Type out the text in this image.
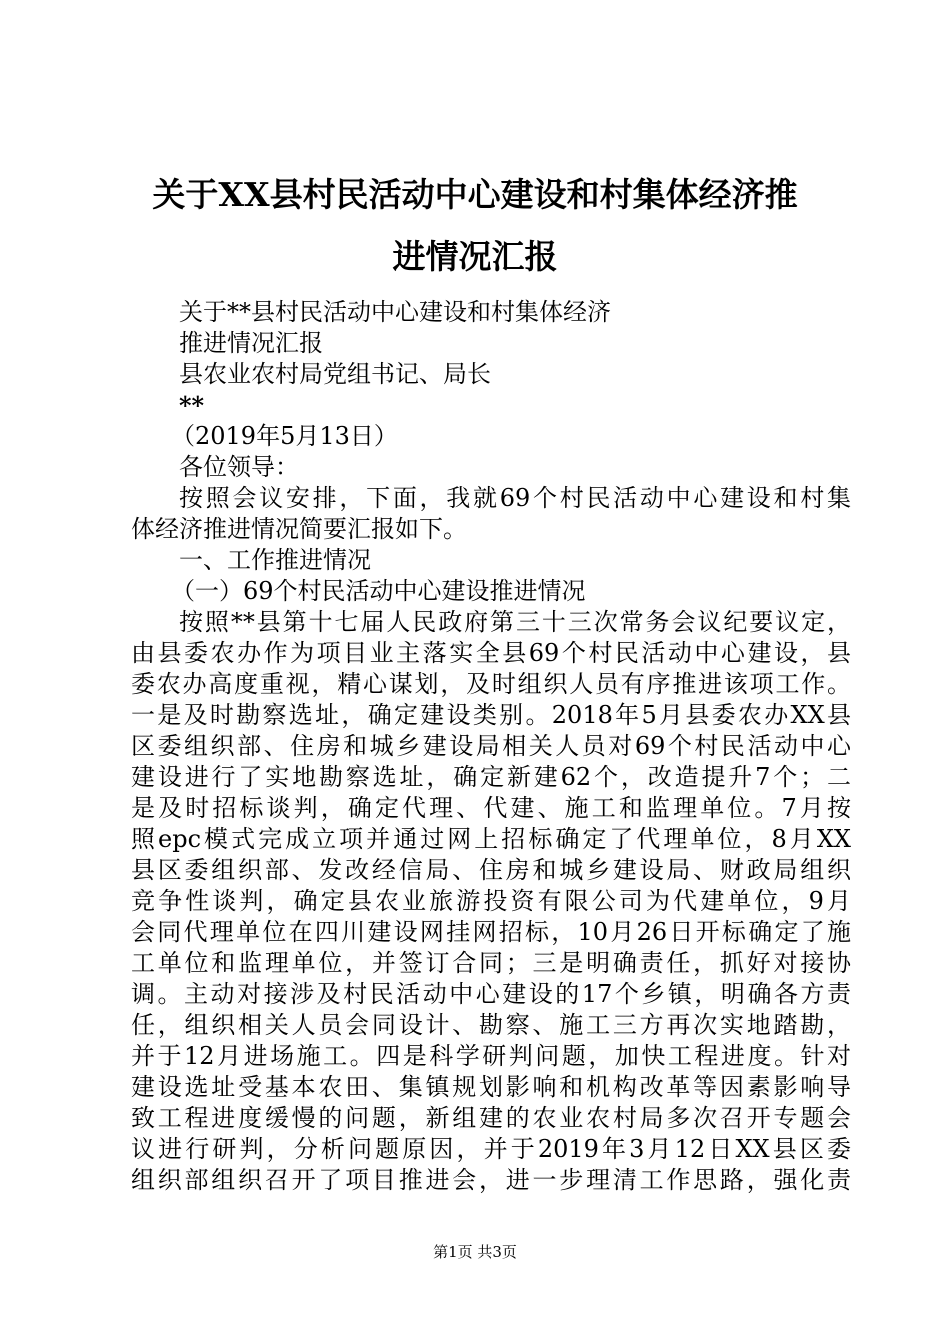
关于XX县村民活动中心建设和村集体经济推
进情况汇报
关于**县村民活动中心建设和村集体经济
推进情况汇报
县农业农村局党组书记、局长
**
（2019年5月13日）
各位领导：
按照会议安排，下面，我就69个村民活动中心建设和村集
体经济推进情况简要汇报如下。
一、工作推进情况
（一）69个村民活动中心建设推进情况
按照**县第十七届人民政府第三十三次常务会议纪要议定，
由县委农办作为项目业主落实全县69个村民活动中心建设，县
委农办高度重视，精心谋划，及时组织人员有序推进该项工作。
一是及时勘察选址，确定建设类别。2018年5月县委农办XX县
区委组织部、住房和城乡建设局相关人员对69个村民活动中心
建设进行了实地勘察选址，确定新建62个，改造提升7个；二
是及时招标谈判，确定代理、代建、施工和监理单位。7月按
照epc模式完成立项并通过网上招标确定了代理单位，8月XX
县区委组织部、发改经信局、住房和城乡建设局、财政局组织
竞争性谈判，确定县农业旅游投资有限公司为代建单位，9月
会同代理单位在四川建设网挂网招标，10月26日开标确定了施
工单位和监理单位，并签订合同；三是明确责任，抓好对接协
调。主动对接涉及村民活动中心建设的17个乡镇，明确各方责
任，组织相关人员会同设计、勘察、施工三方再次实地踏勘，
并于12月进场施工。四是科学研判问题，加快工程进度。针对
建设选址受基本农田、集镇规划影响和机构改革等因素影响导
致工程进度缓慢的问题，新组建的农业农村局多次召开专题会
议进行研判，分析问题原因，并于2019年3月12日XX县区委
组织部组织召开了项目推进会，进一步理清工作思路，强化责
第1页 共3页
